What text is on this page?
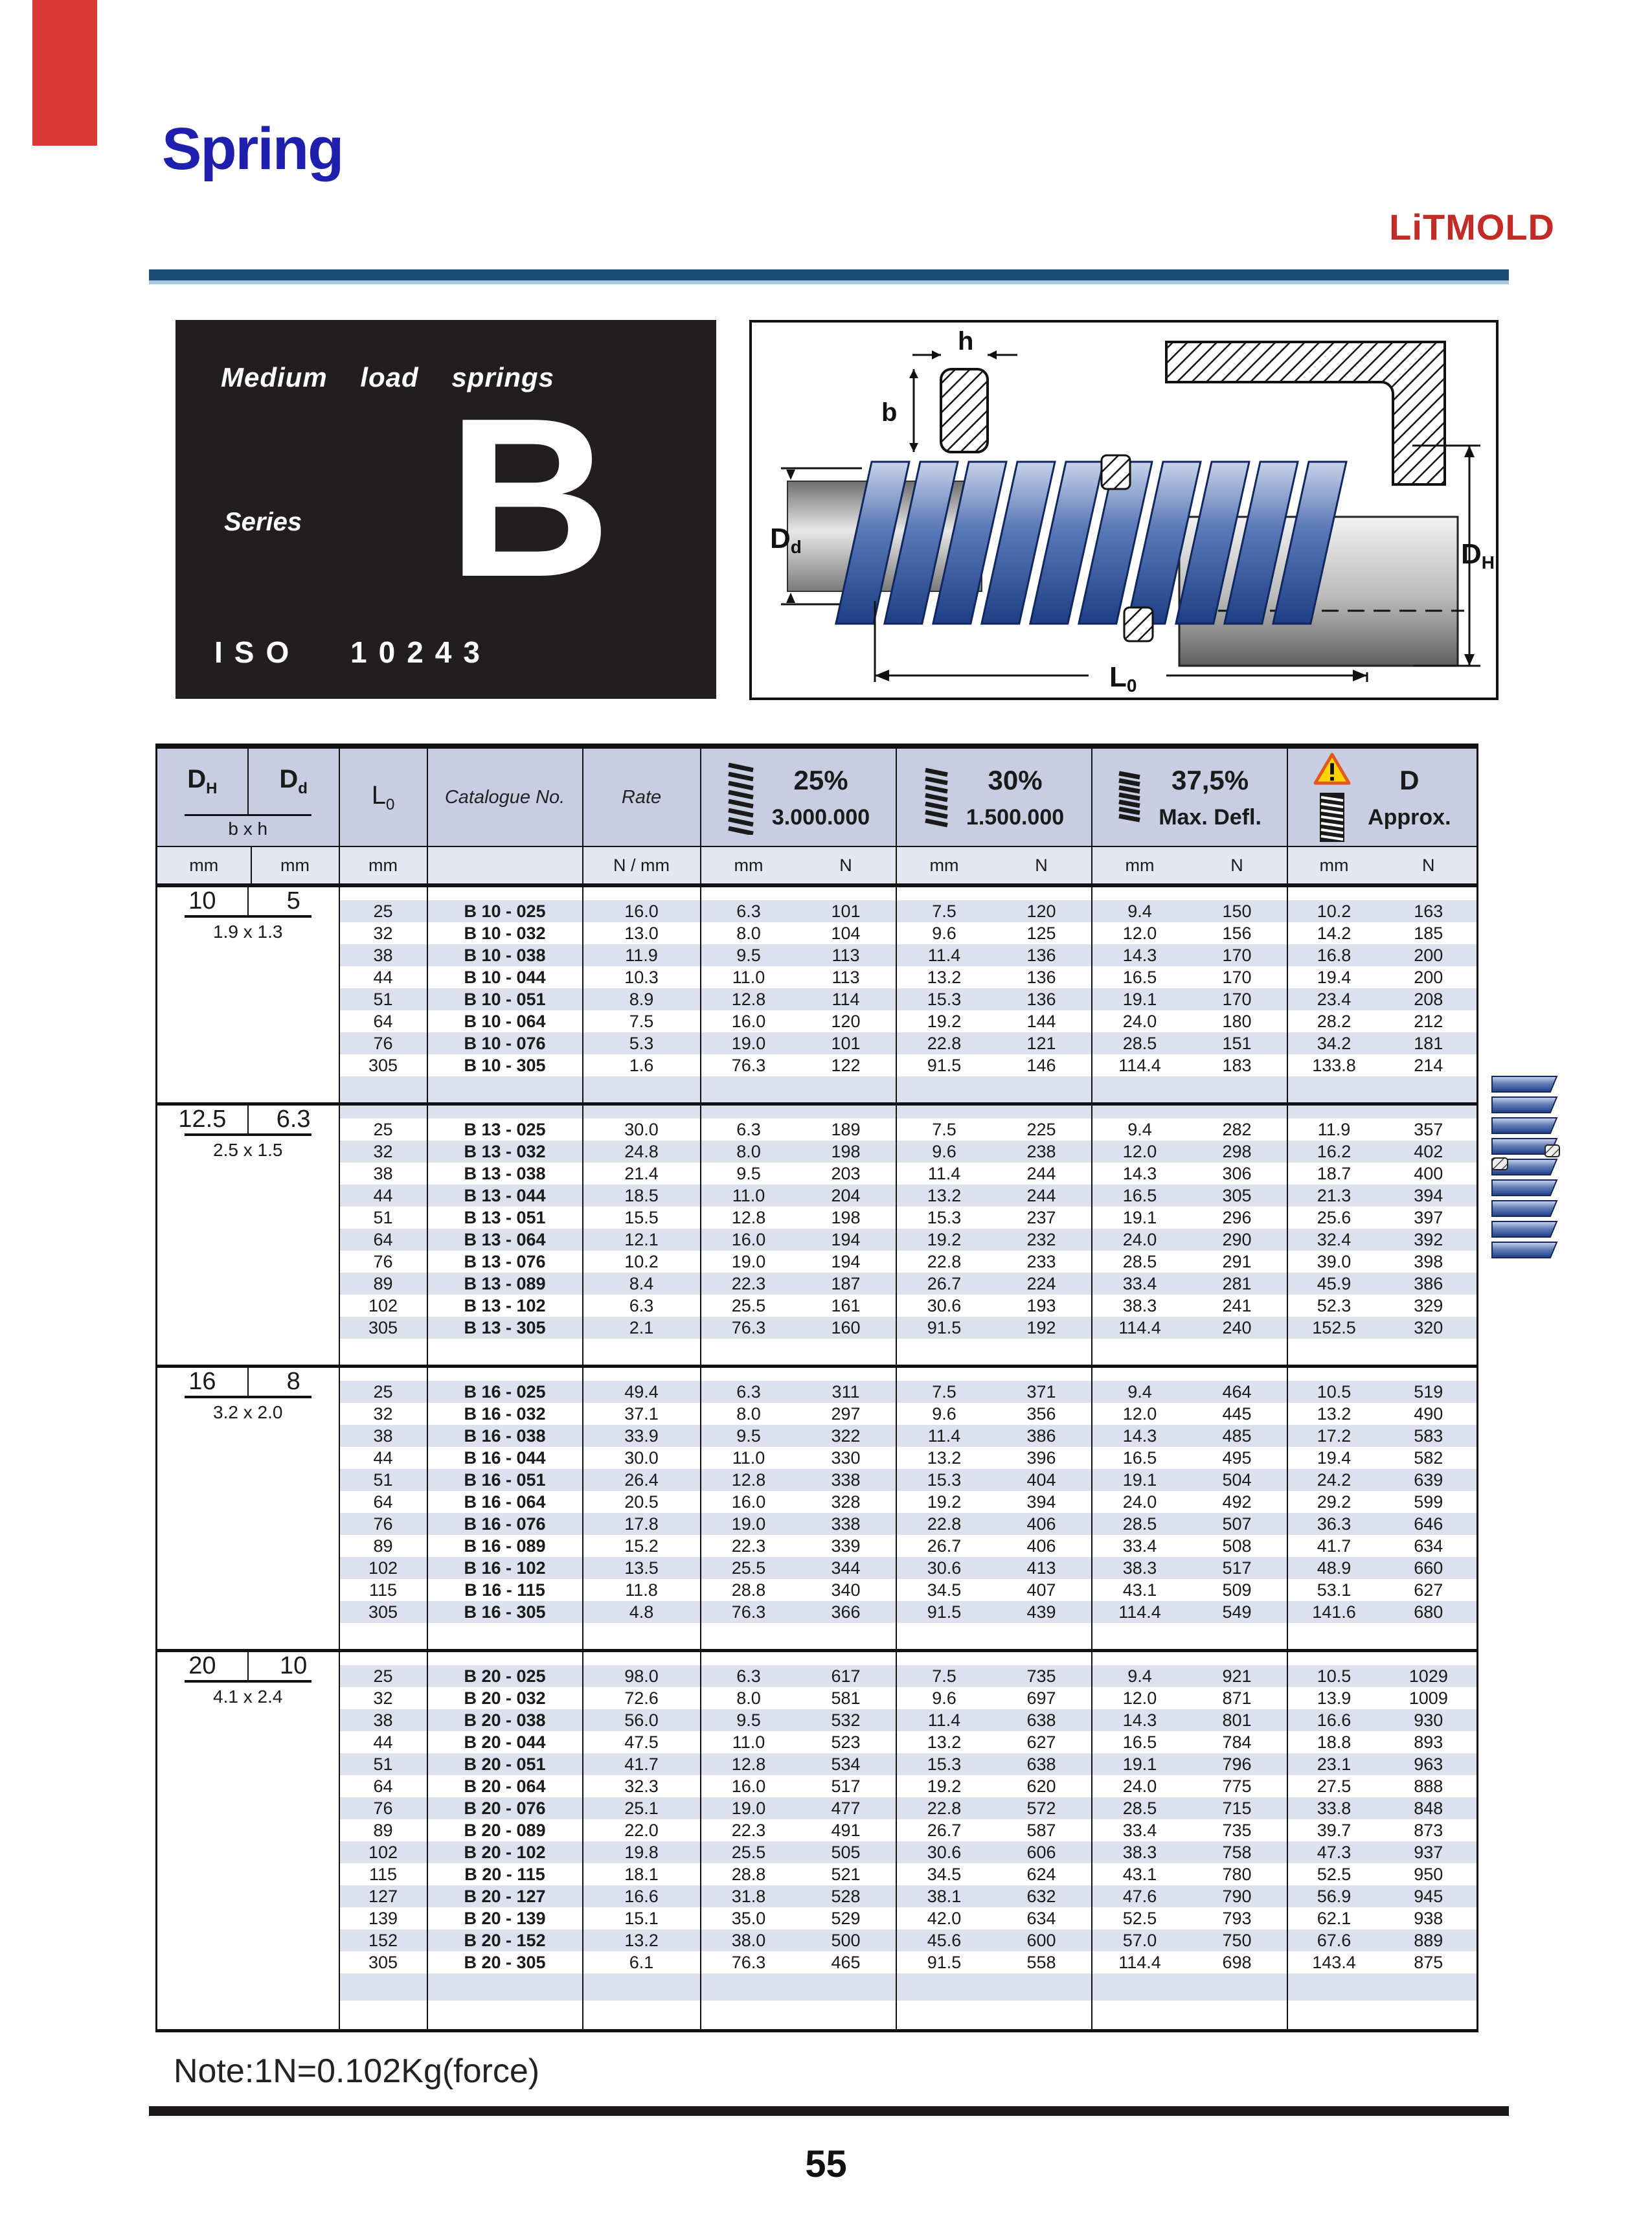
Spring
LiTMOLD
Medium load springs
Series B
ISO 10243
h
b
Dd	DH
L0
$D_H$ $D_d$
b x h
	$L_0$	Catalogue No.	Rate	
25%
3.000.000

30%
1.500.000

37,5%
Max. Defl.

D
Approx.

mm	mm	mm		N / mm	mm	N	mm	N	mm	N	mm	N

10 5
1.9 x 1.3												

		25	B 10 - 025	16.0	6.3	101	7.5	120	9.4	150	10.2	163
		32	B 10 - 032	13.0	8.0	104	9.6	125	12.0	156	14.2	185
		38	B 10 - 038	11.9	9.5	113	11.4	136	14.3	170	16.8	200
		44	B 10 - 044	10.3	11.0	113	13.2	136	16.5	170	19.4	200
		51	B 10 - 051	8.9	12.8	114	15.3	136	19.1	170	23.4	208
		64	B 10 - 064	7.5	16.0	120	19.2	144	24.0	180	28.2	212
		76	B 10 - 076	5.3	19.0	101	22.8	121	28.5	151	34.2	181
		305	B 10 - 305	1.6	76.3	122	91.5	146	114.4	183	133.8	214

12.5 6.3
2.5 x 1.5												

		25	B 13 - 025	30.0	6.3	189	7.5	225	9.4	282	11.9	357
		32	B 13 - 032	24.8	8.0	198	9.6	238	12.0	298	16.2	402
		38	B 13 - 038	21.4	9.5	203	11.4	244	14.3	306	18.7	400
		44	B 13 - 044	18.5	11.0	204	13.2	244	16.5	305	21.3	394
		51	B 13 - 051	15.5	12.8	198	15.3	237	19.1	296	25.6	397
		64	B 13 - 064	12.1	16.0	194	19.2	232	24.0	290	32.4	392
		76	B 13 - 076	10.2	19.0	194	22.8	233	28.5	291	39.0	398
		89	B 13 - 089	8.4	22.3	187	26.7	224	33.4	281	45.9	386
		102	B 13 - 102	6.3	25.5	161	30.6	193	38.3	241	52.3	329
		305	B 13 - 305	2.1	76.3	160	91.5	192	114.4	240	152.5	320

16 8
3.2 x 2.0												

		25	B 16 - 025	49.4	6.3	311	7.5	371	9.4	464	10.5	519
		32	B 16 - 032	37.1	8.0	297	9.6	356	12.0	445	13.2	490
		38	B 16 - 038	33.9	9.5	322	11.4	386	14.3	485	17.2	583
		44	B 16 - 044	30.0	11.0	330	13.2	396	16.5	495	19.4	582
		51	B 16 - 051	26.4	12.8	338	15.3	404	19.1	504	24.2	639
		64	B 16 - 064	20.5	16.0	328	19.2	394	24.0	492	29.2	599
		76	B 16 - 076	17.8	19.0	338	22.8	406	28.5	507	36.3	646
		89	B 16 - 089	15.2	22.3	339	26.7	406	33.4	508	41.7	634
		102	B 16 - 102	13.5	25.5	344	30.6	413	38.3	517	48.9	660
		115	B 16 - 115	11.8	28.8	340	34.5	407	43.1	509	53.1	627
		305	B 16 - 305	4.8	76.3	366	91.5	439	114.4	549	141.6	680

20 10
4.1 x 2.4												

		25	B 20 - 025	98.0	6.3	617	7.5	735	9.4	921	10.5	1029
		32	B 20 - 032	72.6	8.0	581	9.6	697	12.0	871	13.9	1009
		38	B 20 - 038	56.0	9.5	532	11.4	638	14.3	801	16.6	930
		44	B 20 - 044	47.5	11.0	523	13.2	627	16.5	784	18.8	893
		51	B 20 - 051	41.7	12.8	534	15.3	638	19.1	796	23.1	963
		64	B 20 - 064	32.3	16.0	517	19.2	620	24.0	775	27.5	888
		76	B 20 - 076	25.1	19.0	477	22.8	572	28.5	715	33.8	848
		89	B 20 - 089	22.0	22.3	491	26.7	587	33.4	735	39.7	873
		102	B 20 - 102	19.8	25.5	505	30.6	606	38.3	758	47.3	937
		115	B 20 - 115	18.1	28.8	521	34.5	624	43.1	780	52.5	950
		127	B 20 - 127	16.6	31.8	528	38.1	632	47.6	790	56.9	945
		139	B 20 - 139	15.1	35.0	529	42.0	634	52.5	793	62.1	938
		152	B 20 - 152	13.2	38.0	500	45.6	600	57.0	750	67.6	889
		305	B 20 - 305	6.1	76.3	465	91.5	558	114.4	698	143.4	875

Note:1N=0.102Kg(force)
55
